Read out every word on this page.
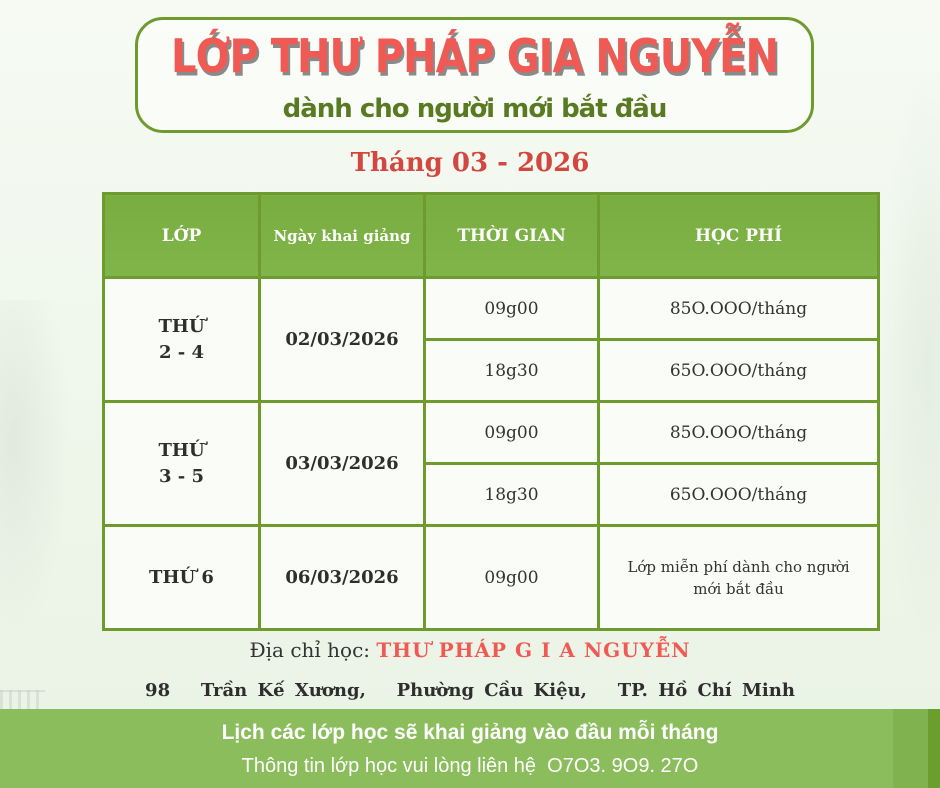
LỚP THƯ PHÁP GIA NGUYỄN
dành cho người mới bắt đầu
Tháng 03 - 2026
LỚP	Ngày khai giảng	THỜI GIAN	HỌC PHÍ

THỨ
2 - 4	02/03/2026	09g00	85O.OOO/tháng
		18g30	65O.OOO/tháng

THỨ
3 - 5	03/03/2026	09g00	85O.OOO/tháng
		18g30	65O.OOO/tháng
THỨ 6	06/03/2026	09g00	Lớp miễn phí dành cho người mới bắt đầu
Địa chỉ học: THƯ PHÁP G I A NGUYỄN
98   Trần Kế Xương,   Phường Cầu Kiệu,   TP. Hồ Chí Minh
Lịch các lớp học sẽ khai giảng vào đầu mỗi tháng
Thông tin lớp học vui lòng liên hệ  O7O3. 9O9. 27O
